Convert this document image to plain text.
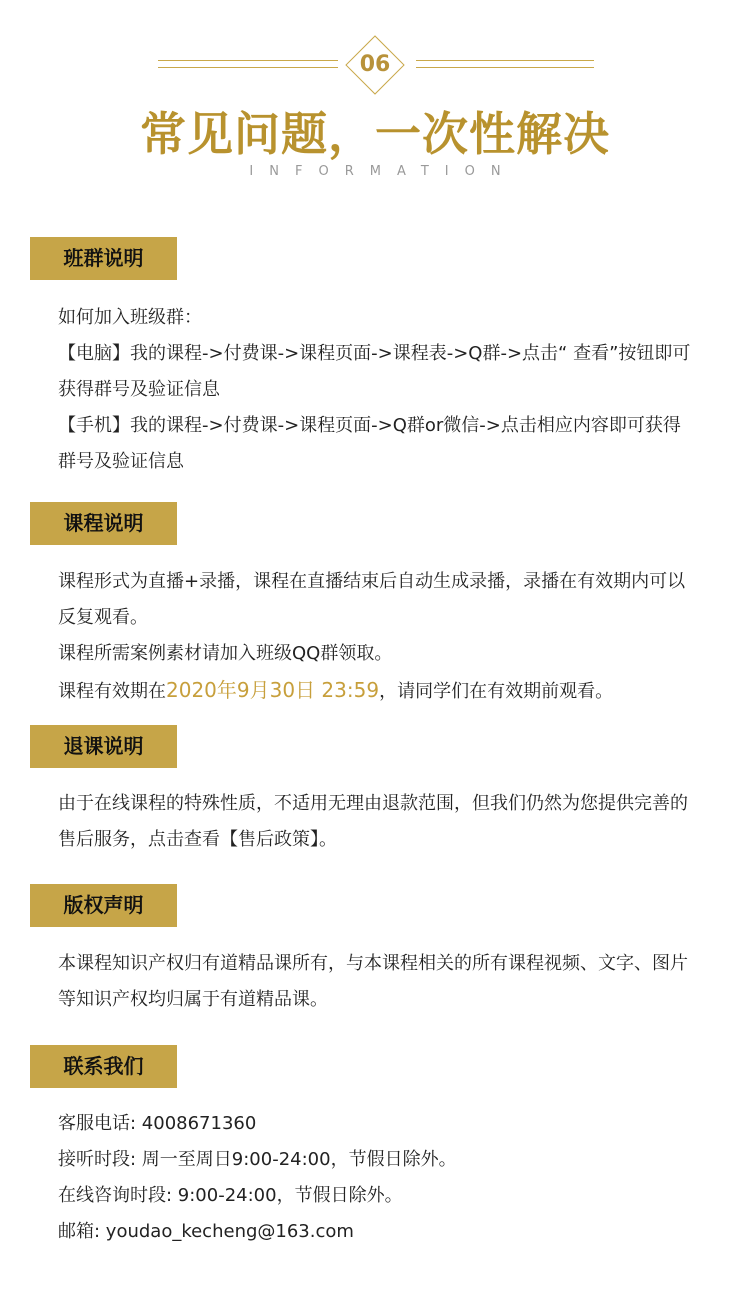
06
常见问题，一次性解决
INFORMATION
班群说明

如何加入班级群：

【电脑】我的课程->付费课->课程页面->课程表->Q群->点击“ 查看”按钮即可获得群号及验证信息

【手机】我的课程->付费课->课程页面->Q群or微信->点击相应内容即可获得群号及验证信息

课程说明

课程形式为直播+录播，课程在直播结束后自动生成录播，录播在有效期内可以反复观看。

课程所需案例素材请加入班级QQ群领取。

课程有效期在2020年9月30日 23:59，请同学们在有效期前观看。

退课说明

由于在线课程的特殊性质，不适用无理由退款范围，但我们仍然为您提供完善的售后服务，点击查看【售后政策】。

版权声明

本课程知识产权归有道精品课所有，与本课程相关的所有课程视频、文字、图片等知识产权均归属于有道精品课。

联系我们

客服电话: 4008671360

接听时段: 周一至周日9:00-24:00，节假日除外。

在线咨询时段: 9:00-24:00，节假日除外。

邮箱: youdao_kecheng@163.com
